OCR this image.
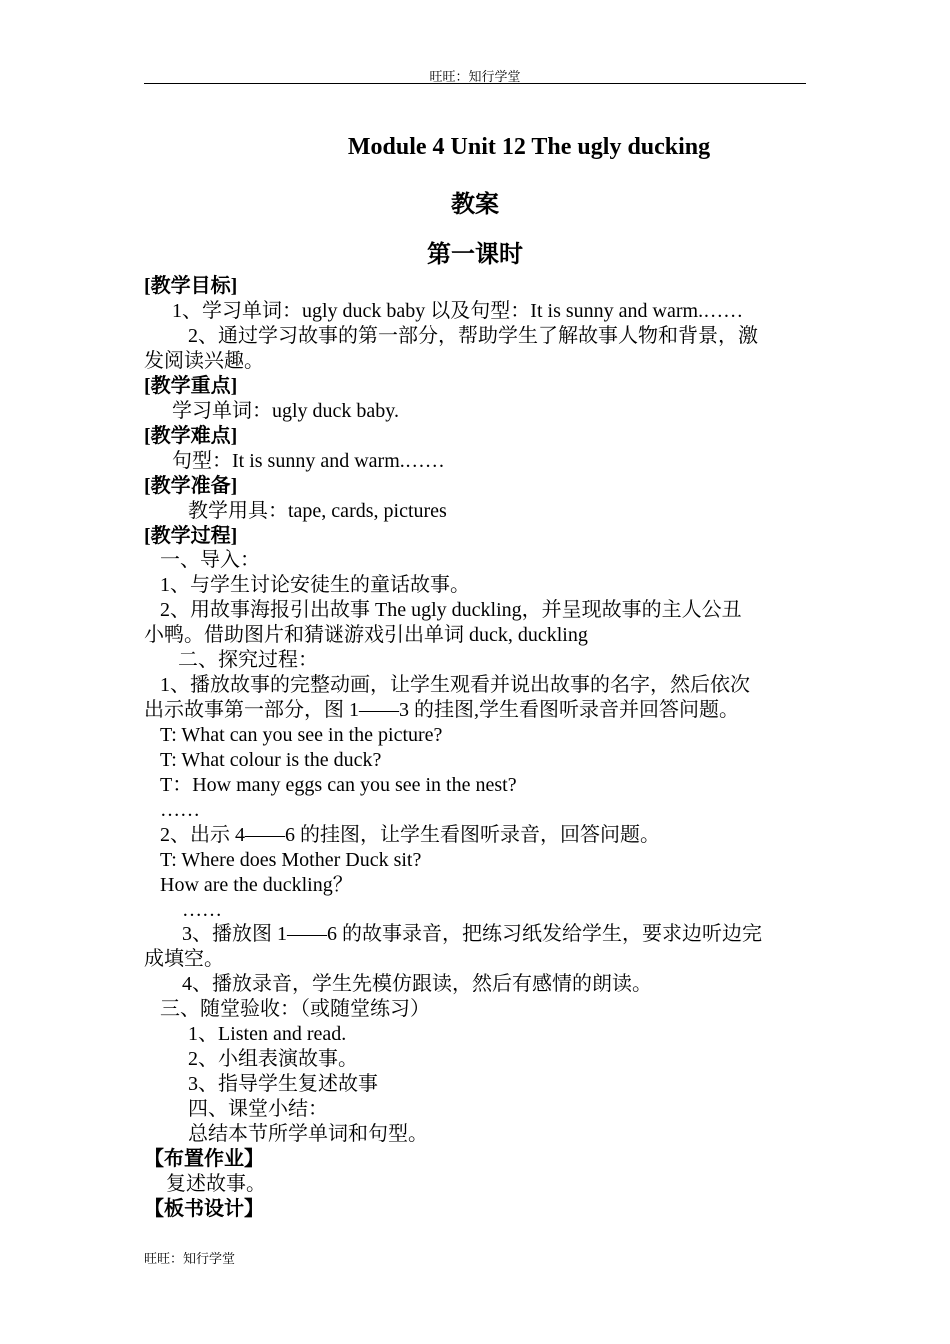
旺旺：知行学堂
Module 4 Unit 12 The ugly ducking
教案
第一课时
[教学目标]
1、学习单词：ugly duck baby 以及句型：It is sunny and warm.……
2、通过学习故事的第一部分，帮助学生了解故事人物和背景，激
发阅读兴趣。
[教学重点]
学习单词：ugly duck baby.
[教学难点]
句型：It is sunny and warm.……
[教学准备]
教学用具：tape, cards, pictures
[教学过程]
一、导入：
1、与学生讨论安徒生的童话故事。
2、用故事海报引出故事 The ugly duckling，并呈现故事的主人公丑
小鸭。借助图片和猜谜游戏引出单词 duck, duckling
二、探究过程：
1、播放故事的完整动画，让学生观看并说出故事的名字，然后依次
出示故事第一部分，图 1——3 的挂图,学生看图听录音并回答问题。
T: What can you see in the picture?
T: What colour is the duck?
T：How many eggs can you see in the nest?
……
2、出示 4——6 的挂图，让学生看图听录音，回答问题。
T: Where does Mother Duck sit?
How are the duckling？
……
3、播放图 1——6 的故事录音，把练习纸发给学生，要求边听边完
成填空。
4、播放录音，学生先模仿跟读，然后有感情的朗读。
三、随堂验收：（或随堂练习）
1、Listen and read.
2、小组表演故事。
3、指导学生复述故事
四、课堂小结：
总结本节所学单词和句型。
【布置作业】
复述故事。
【板书设计】
旺旺：知行学堂
